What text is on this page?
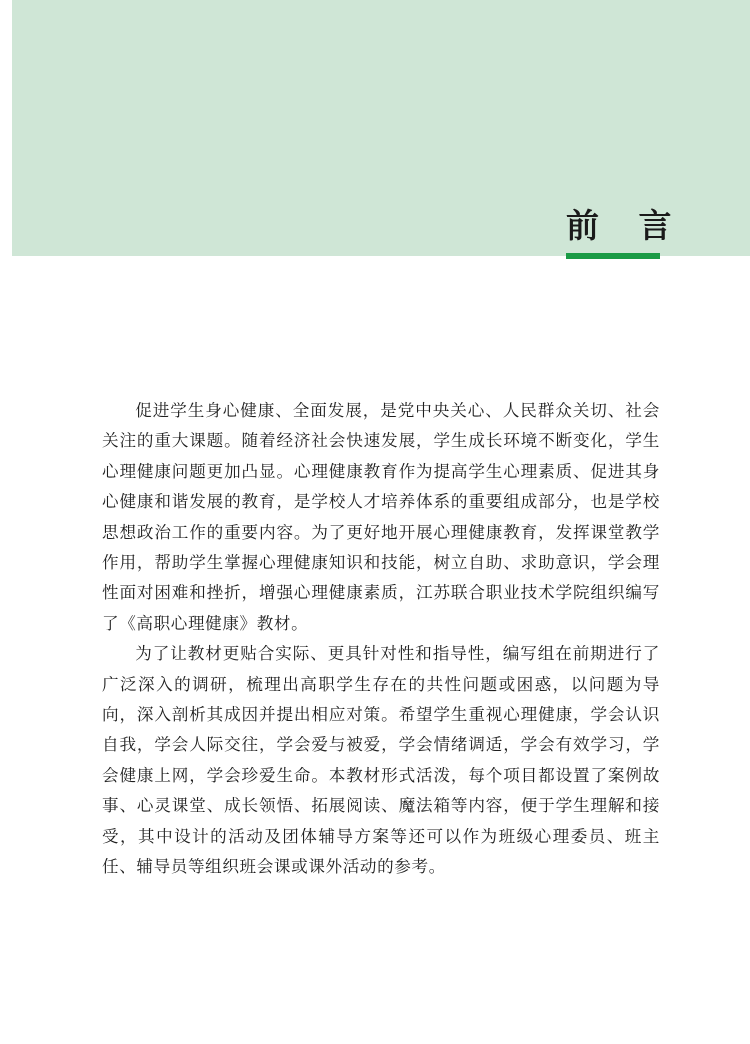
前 言

促进学生身心健康、全面发展，是党中央关心、人民群众关切、社会关注的重大课题。随着经济社会快速发展，学生成长环境不断变化，学生心理健康问题更加凸显。心理健康教育作为提高学生心理素质、促进其身心健康和谐发展的教育，是学校人才培养体系的重要组成部分，也是学校思想政治工作的重要内容。为了更好地开展心理健康教育，发挥课堂教学作用，帮助学生掌握心理健康知识和技能，树立自助、求助意识，学会理性面对困难和挫折，增强心理健康素质，江苏联合职业技术学院组织编写了《高职心理健康》教材。

为了让教材更贴合实际、更具针对性和指导性，编写组在前期进行了广泛深入的调研，梳理出高职学生存在的共性问题或困惑，以问题为导向，深入剖析其成因并提出相应对策。希望学生重视心理健康，学会认识自我，学会人际交往，学会爱与被爱，学会情绪调适，学会有效学习，学会健康上网，学会珍爱生命。本教材形式活泼，每个项目都设置了案例故事、心灵课堂、成长领悟、拓展阅读、魔法箱等内容，便于学生理解和接受，其中设计的活动及团体辅导方案等还可以作为班级心理委员、班主任、辅导员等组织班会课或课外活动的参考。
